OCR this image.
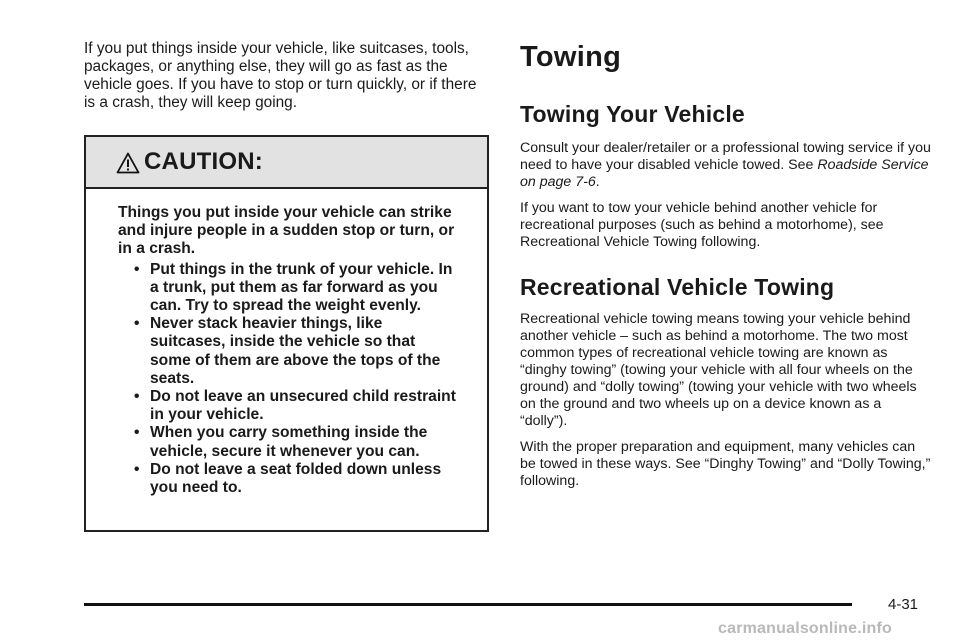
If you put things inside your vehicle, like suitcases, tools, packages, or anything else, they will go as fast as the vehicle goes. If you have to stop or turn quickly, or if there is a crash, they will keep going.

CAUTION:

Things you put inside your vehicle can strike and injure people in a sudden stop or turn, or in a crash.

• Put things in the trunk of your vehicle. In a trunk, put them as far forward as you can. Try to spread the weight evenly.
• Never stack heavier things, like suitcases, inside the vehicle so that some of them are above the tops of the seats.
• Do not leave an unsecured child restraint in your vehicle.
• When you carry something inside the vehicle, secure it whenever you can.
• Do not leave a seat folded down unless you need to.
Towing
Towing Your Vehicle

Consult your dealer/retailer or a professional towing service if you need to have your disabled vehicle towed. See Roadside Service on page 7-6.

If you want to tow your vehicle behind another vehicle for recreational purposes (such as behind a motorhome), see Recreational Vehicle Towing following.

Recreational Vehicle Towing

Recreational vehicle towing means towing your vehicle behind another vehicle – such as behind a motorhome. The two most common types of recreational vehicle towing are known as “dinghy towing” (towing your vehicle with all four wheels on the ground) and “dolly towing” (towing your vehicle with two wheels on the ground and two wheels up on a device known as a “dolly”).

With the proper preparation and equipment, many vehicles can be towed in these ways. See “Dinghy Towing” and “Dolly Towing,” following.

4-31
carmanualsonline.info
